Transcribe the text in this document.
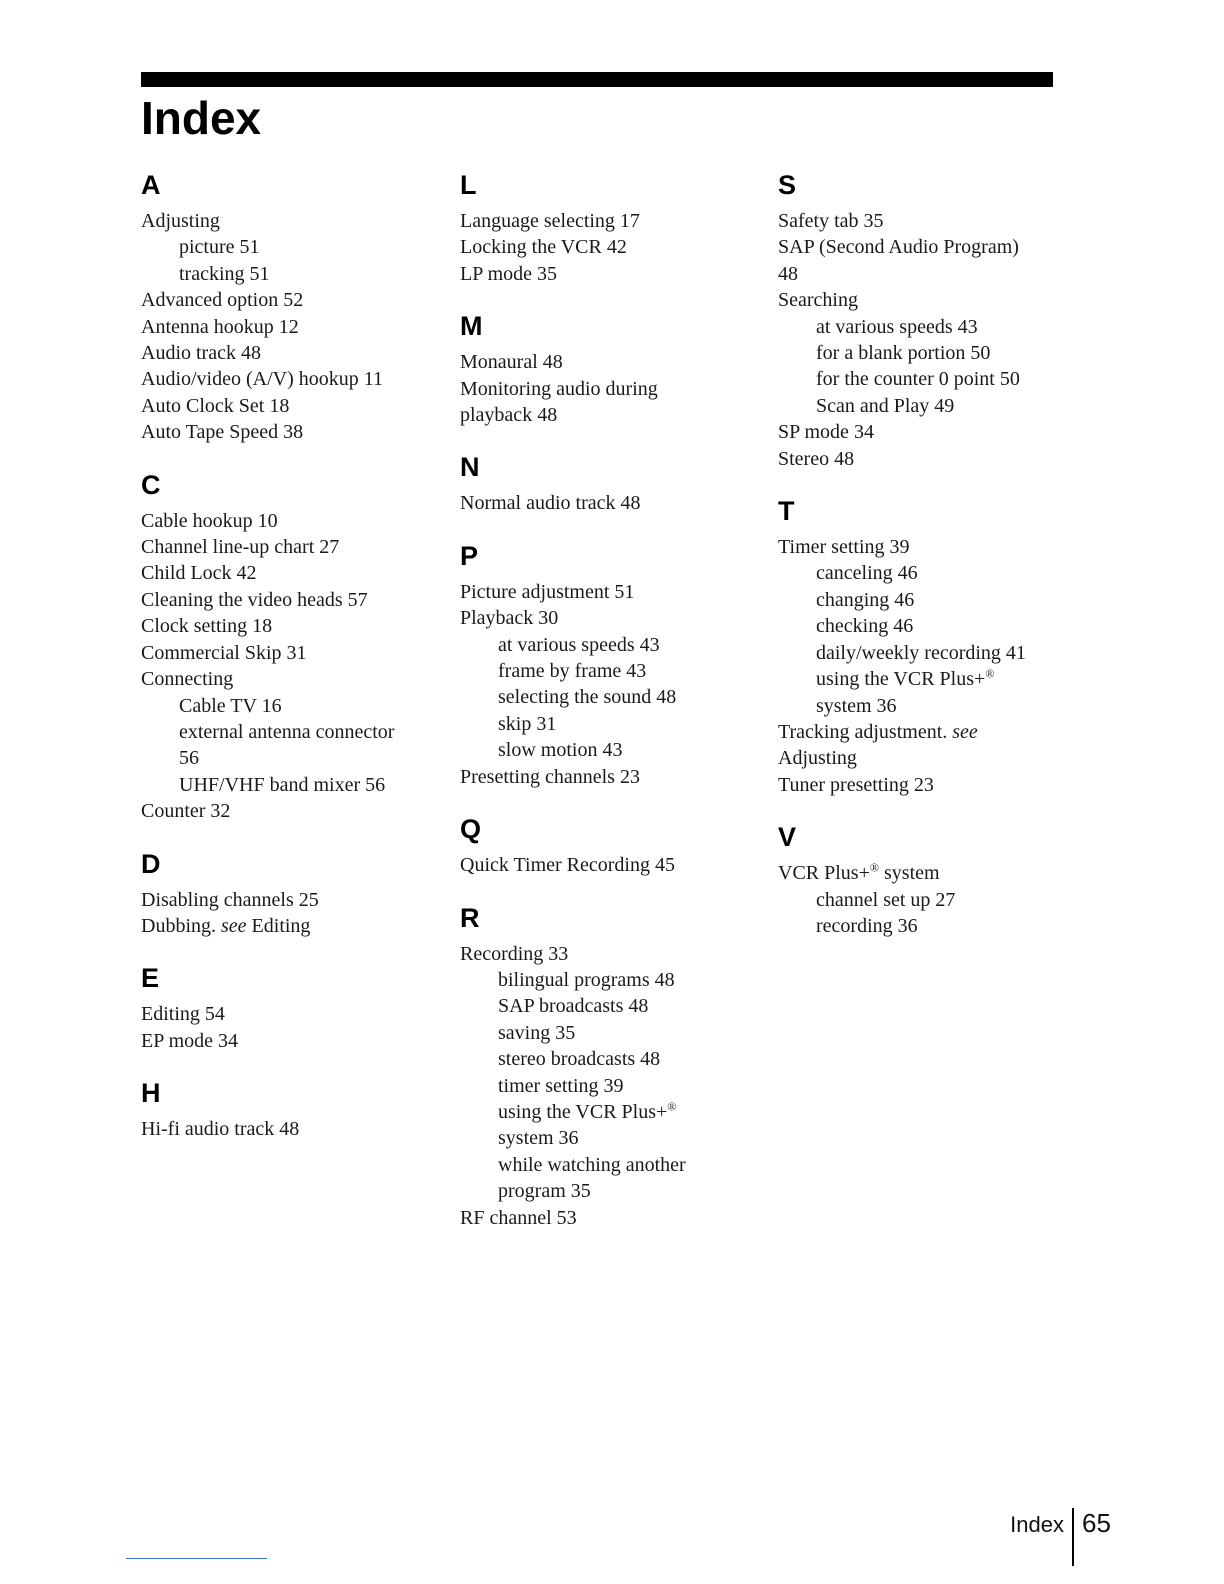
Index
A
Adjusting
picture 51
tracking 51
Advanced option 52
Antenna hookup 12
Audio track 48
Audio/video (A/V) hookup 11
Auto Clock Set 18
Auto Tape Speed 38
C
Cable hookup 10
Channel line-up chart 27
Child Lock 42
Cleaning the video heads 57
Clock setting 18
Commercial Skip 31
Connecting
Cable TV 16
external antenna connector
56
UHF/VHF band mixer 56
Counter 32
D
Disabling channels 25
Dubbing. see Editing
E
Editing 54
EP mode 34
H
Hi-fi audio track 48
L
Language selecting 17
Locking the VCR 42
LP mode 35
M
Monaural 48
Monitoring audio during
playback 48
N
Normal audio track 48
P
Picture adjustment 51
Playback 30
at various speeds 43
frame by frame 43
selecting the sound 48
skip 31
slow motion 43
Presetting channels 23
Q
Quick Timer Recording 45
R
Recording 33
bilingual programs 48
SAP broadcasts 48
saving 35
stereo broadcasts 48
timer setting 39
using the VCR Plus+®
system 36
while watching another
program 35
RF channel 53
S
Safety tab 35
SAP (Second Audio Program)
48
Searching
at various speeds 43
for a blank portion 50
for the counter 0 point 50
Scan and Play 49
SP mode 34
Stereo 48
T
Timer setting 39
canceling 46
changing 46
checking 46
daily/weekly recording 41
using the VCR Plus+®
system 36
Tracking adjustment. see
Adjusting
Tuner presetting 23
V
VCR Plus+® system
channel set up 27
recording 36
Index 65
